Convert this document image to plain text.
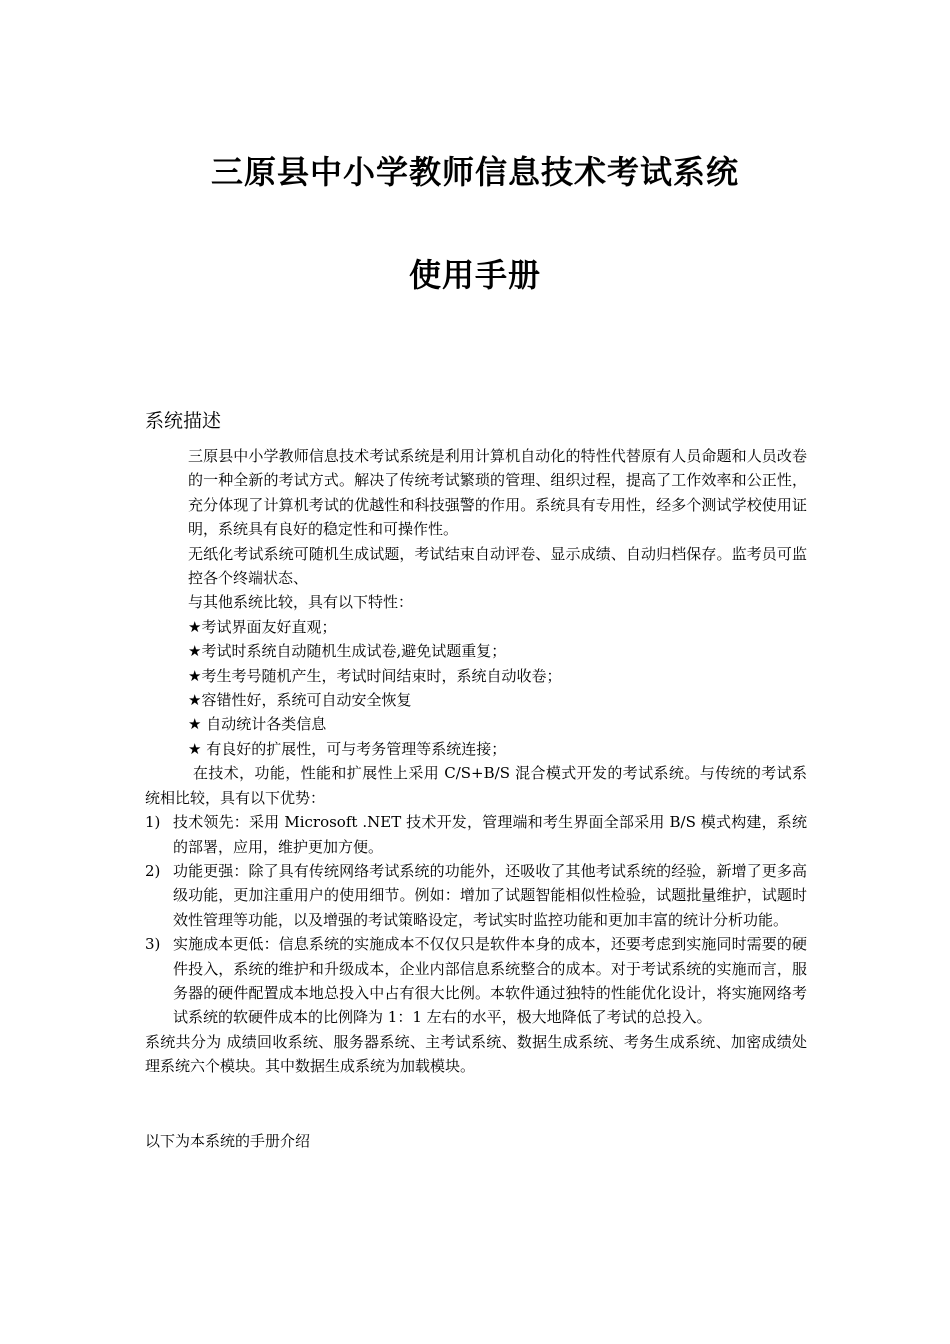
三原县中小学教师信息技术考试系统
使用手册
系统描述

三原县中小学教师信息技术考试系统是利用计算机自动化的特性代替原有人员命题和人员改卷的一种全新的考试方式。解决了传统考试繁琐的管理、组织过程，提高了工作效率和公正性，充分体现了计算机考试的优越性和科技强警的作用。系统具有专用性，经多个测试学校使用证明，系统具有良好的稳定性和可操作性。

无纸化考试系统可随机生成试题，考试结束自动评卷、显示成绩、自动归档保存。监考员可监控各个终端状态、

与其他系统比较，具有以下特性：

★考试界面友好直观；
★考试时系统自动随机生成试卷,避免试题重复；
★考生考号随机产生，考试时间结束时，系统自动收卷；
★容错性好，系统可自动安全恢复
★ 自动统计各类信息
★ 有良好的扩展性，可与考务管理等系统连接；

在技术，功能，性能和扩展性上采用 C/S+B/S 混合模式开发的考试系统。与传统的考试系统相比较，具有以下优势：

1) 技术领先：采用 Microsoft .NET 技术开发，管理端和考生界面全部采用 B/S 模式构建，系统的部署，应用，维护更加方便。
2) 功能更强：除了具有传统网络考试系统的功能外，还吸收了其他考试系统的经验，新增了更多高级功能，更加注重用户的使用细节。例如：增加了试题智能相似性检验，试题批量维护，试题时效性管理等功能，以及增强的考试策略设定，考试实时监控功能和更加丰富的统计分析功能。
3) 实施成本更低：信息系统的实施成本不仅仅只是软件本身的成本，还要考虑到实施同时需要的硬件投入，系统的维护和升级成本，企业内部信息系统整合的成本。对于考试系统的实施而言，服务器的硬件配置成本地总投入中占有很大比例。本软件通过独特的性能优化设计，将实施网络考试系统的软硬件成本的比例降为 1：1 左右的水平，极大地降低了考试的总投入。

系统共分为 成绩回收系统、服务器系统、主考试系统、数据生成系统、考务生成系统、加密成绩处理系统六个模块。其中数据生成系统为加载模块。

以下为本系统的手册介绍
